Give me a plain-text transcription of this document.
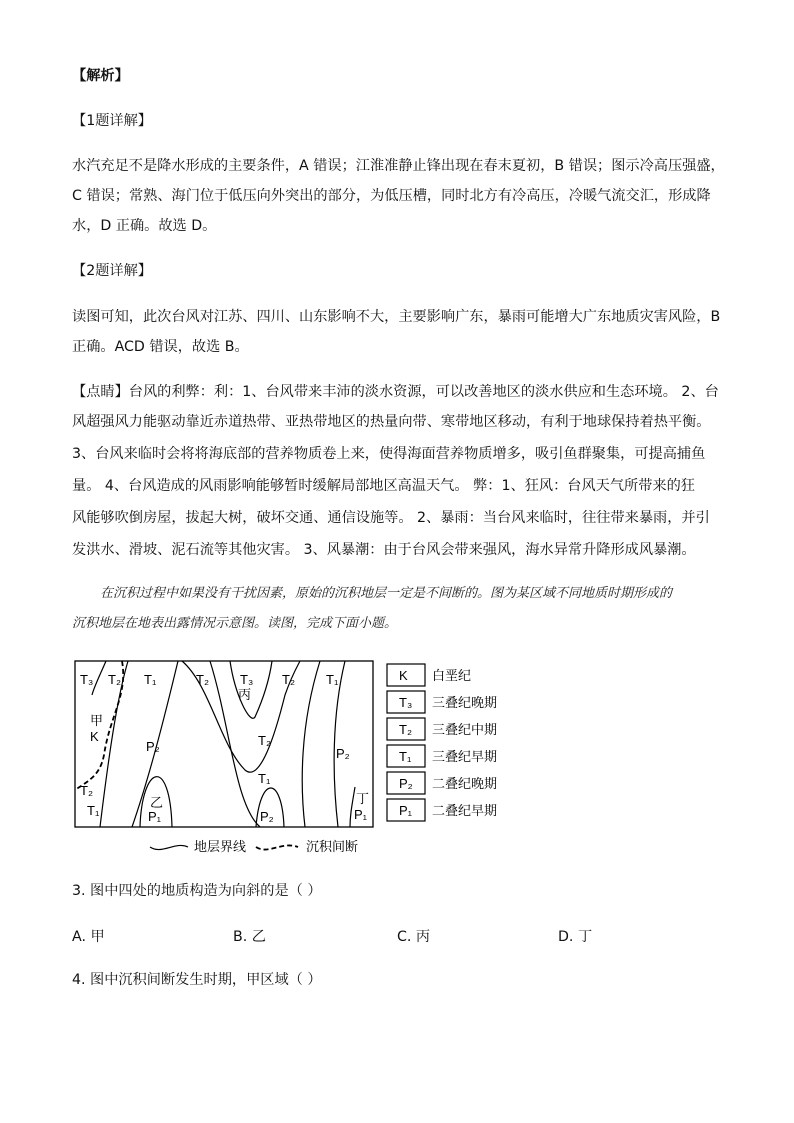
【解析】
【1题详解】
水汽充足不是降水形成的主要条件，A 错误；江淮准静止锋出现在春末夏初，B 错误；图示冷高压强盛，
C 错误；常熟、海门位于低压向外突出的部分，为低压槽，同时北方有冷高压，冷暖气流交汇，形成降
水，D 正确。故选 D。
【2题详解】
读图可知，此次台风对江苏、四川、山东影响不大，主要影响广东，暴雨可能增大广东地质灾害风险，B
正确。ACD 错误，故选 B。
【点睛】台风的利弊：利：1、台风带来丰沛的淡水资源，可以改善地区的淡水供应和生态环境。 2、台
风超强风力能驱动靠近赤道热带、亚热带地区的热量向带、寒带地区移动，有利于地球保持着热平衡。
3、台风来临时会将将海底部的营养物质卷上来，使得海面营养物质增多，吸引鱼群聚集，可提高捕鱼
量。 4、台风造成的风雨影响能够暂时缓解局部地区高温天气。 弊：1、狂风：台风天气所带来的狂
风能够吹倒房屋，拔起大树，破坏交通、通信设施等。 2、暴雨：当台风来临时，往往带来暴雨，并引
发洪水、滑坡、泥石流等其他灾害。 3、风暴潮：由于台风会带来强风，海水异常升降形成风暴潮。
在沉积过程中如果没有干扰因素，原始的沉积地层一定是不间断的。图为某区域不同地质时期形成的
沉积地层在地表出露情况示意图。读图，完成下面小题。
T₃ T₂ T₁	T₂ T₃
丙
T₂ T₁
甲
K
P₂	T₂
P₂
T₁
T₂
T₁
乙
P₁	P₂
丁
P₁
K 白垩纪
T₃ 三叠纪晚期
T₂ 三叠纪中期
T₁ 三叠纪早期
P₂ 二叠纪晚期
P₁ 二叠纪早期
地层界线	沉积间断
3. 图中四处的地质构造为向斜的是（ ）
A. 甲	B. 乙	C. 丙	D. 丁
4. 图中沉积间断发生时期，甲区域（ ）
